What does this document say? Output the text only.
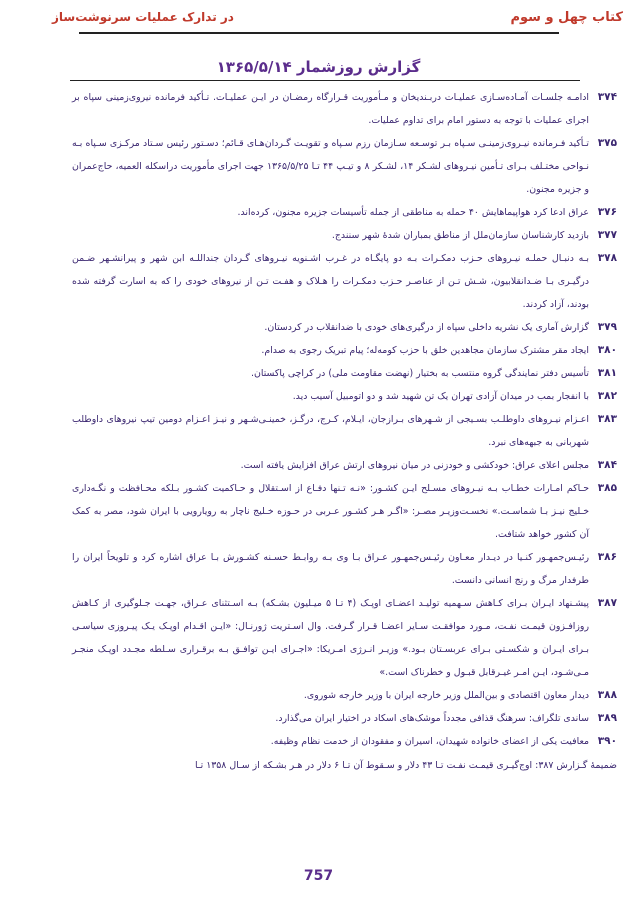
کتاب چهل و سوم
در تدارک عملیات سرنوشت‌ساز
گزارش روزشمار ۱۳۶۵/۵/۱۴
۳۷۴
ادامـه جلسـات آمـاده‌سـازی عملیـات دربـندیخان و مـأموریت قـرارگاه رمضـان در ایـن عملیـات. تـأکید فرمانده نیروی‌زمینی سپاه بر اجرای عملیات با توجه به دستور امام برای تداوم عملیات.
۳۷۵
تـأکید فـرمانده نیـروی‌زمینـی سـپاه بـر توسـعه سـازمان رزم سـپاه و تقویـت گـردان‌هـای قـائم؛ دسـتور رئیس سـتاد مرکـزی سـپاه بـه نـواحی مختـلف بـرای تـأمین نیـروهای لشـکر ۱۴، لشـکر ۸ و تیـپ ۴۴ تـا ۱۳۶۵/۵/۲۵ جهت اجرای مأموریت دراسکله العمیه، حاج‌عمران و جزیره مجنون.
۳۷۶
عراق ادعا کرد هواپیماهایش ۴۰ حمله به مناطقی از جمله تأسیسات جزیره مجنون، کرده‌اند.
۳۷۷
بازدید کارشناسان سازمان‌ملل از مناطق بمباران شدهٔ شهر سنندج.
۳۷۸
بـه دنبـال حملـه نیـروهای حـزب دمکـرات بـه دو پایگـاه در غـرب اشـنویه نیـروهای گـردان جنداللـه ابن شهر و پیرانشـهر ضـمن درگیـری بـا ضـدانقلابیون، شـش تـن از عناصـر حـزب دمکـرات را هـلاک و هفـت تـن از نیروهای خودی را که به اسارت گرفته شده بودند، آزاد کردند.
۳۷۹
گزارش آماری یک نشریه داخلی سپاه از درگیری‌های خودی با ضدانقلاب در کردستان.
۳۸۰
ایجاد مقر مشترک سازمان مجاهدین خلق با حزب کومه‌له؛ پیام تبریک رجوی به صدام.
۳۸۱
تأسیس دفتر نمایندگی گروه منتسب به بختیار (نهضت مقاومت ملی) در کراچی پاکستان.
۳۸۲
با انفجار بمب در میدان آزادی تهران یک تن شهید شد و دو اتومبیل آسیب دید.
۳۸۳
اعـزام نیـروهای داوطلـب بسـیجی از شـهرهای بـرازجان، ایـلام، کـرج، درگـز، خمینـی‌شـهر و نیـز اعـزام دومین تیپ نیروهای داوطلب شهربانی به جبهه‌های نبرد.
۳۸۴
مجلس اعلای عراق: خودکشی و خودزنی در میان نیروهای ارتش عراق افزایش یافته است.
۳۸۵
حـاکم امـارات خطـاب بـه نیـروهای مسـلح ایـن کشـور: «نـه تـنها دفـاع از اسـتقلال و حـاکمیت کشـور بـلکه محـافظت و نگـه‌داری خـلیج نیـز بـا شماسـت.» نخسـت‌وزیـر مصـر: «اگـر هـر کشـور عـربی در حـوزه خـلیج ناچار به رویارویی با ایران شود، مصر به کمک آن کشور خواهد شتافت.
۳۸۶
رئیـس‌جمهـور کنـیا در دیـدار معـاون رئیـس‌جمهـور عـراق بـا وی بـه روابـط حسـنه کشـورش بـا عراق اشاره کرد و تلویحاً ایران را طرفدار مرگ و رنج انسانی دانست.
۳۸۷
پیشـنهاد ایـران بـرای کـاهش سـهمیه تولیـد اعضـای اوپـک (۴ تـا ۵ میـلیون بشـکه) بـه اسـتثنای عـراق، جهـت جـلوگیری از کـاهش روزافـزون قیمـت نفـت، مـورد موافقـت سـایر اعضـا قـرار گـرفت. وال اسـتریت ژورنـال: «ایـن اقـدام اوپـک یـک پیـروزی سیاسـی بـرای ایـران و شکسـتی بـرای عربسـتان بـود.» وزیـر انـرژی امـریکا: «اجـرای ایـن توافـق بـه برقـراری سـلطه مجـدد اوپـک منجـر مـی‌شـود، ایـن امـر غیـرقابل قبـول و خطرناک است.»
۳۸۸
دیدار معاون اقتصادی و بین‌الملل وزیر خارجه ایران با وزیر خارجه شوروی.
۳۸۹
ساندی تلگراف: سرهنگ قذافی مجدداً موشک‌های اسکاد در اختیار ایران می‌گذارد.
۳۹۰
معافیت یکی از اعضای خانواده شهیدان، اسیران و مفقودان از خدمت نظام وظیفه.
ضمیمهٔ گـزارش ۳۸۷: اوج‌گیـری قیمـت نفـت تـا ۴۳ دلار و سـقوط آن تـا ۶ دلار در هـر بشـکه از سـال ۱۳۵۸ تـا
757
